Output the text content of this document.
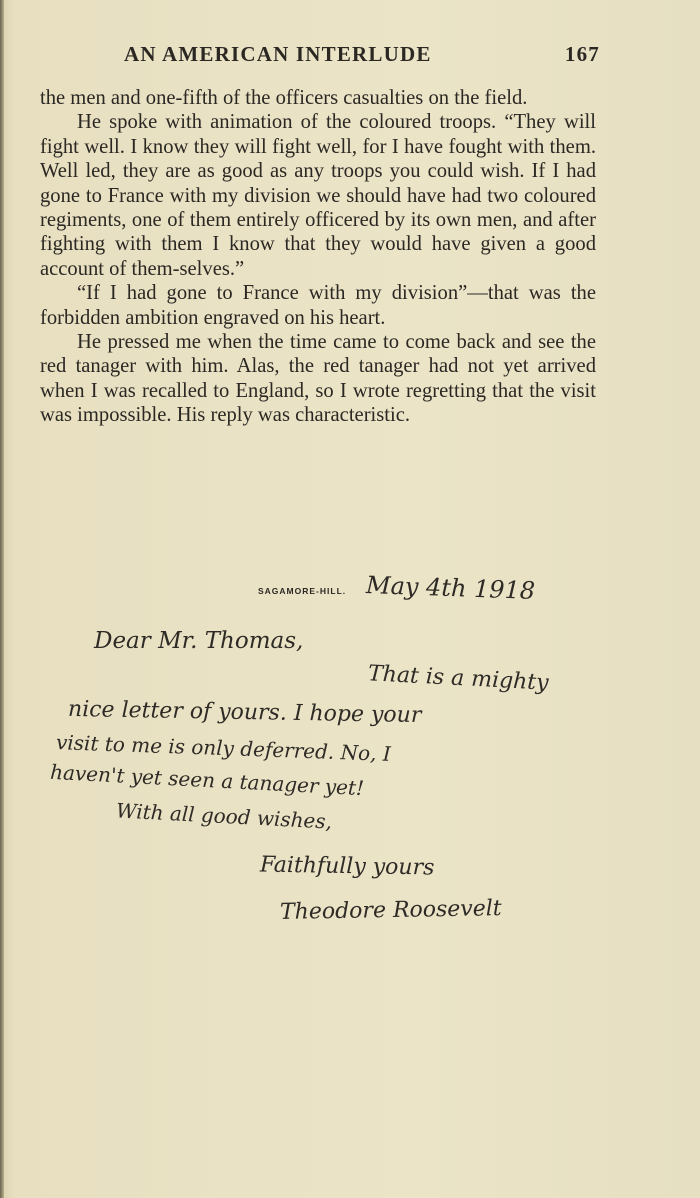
AN AMERICAN INTERLUDE	167

the men and one-fifth of the officers casualties on the field.

He spoke with animation of the coloured troops. “They will fight well. I know they will fight well, for I have fought with them. Well led, they are as good as any troops you could wish. If I had gone to France with my division we should have had two coloured regiments, one of them entirely officered by its own men, and after fighting with them I know that they would have given a good account of them-selves.”

“If I had gone to France with my division”—that was the forbidden ambition engraved on his heart.

He pressed me when the time came to come back and see the red tanager with him. Alas, the red tanager had not yet arrived when I was recalled to England, so I wrote regretting that the visit was impossible. His reply was characteristic.

SAGAMORE-HILL. May 4th 1918
Dear Mr. Thomas,
That is a mighty
nice letter of yours. I hope your
visit to me is only deferred. No, I
haven't yet seen a tanager yet!
With all good wishes,
Faithfully yours
Theodore Roosevelt
